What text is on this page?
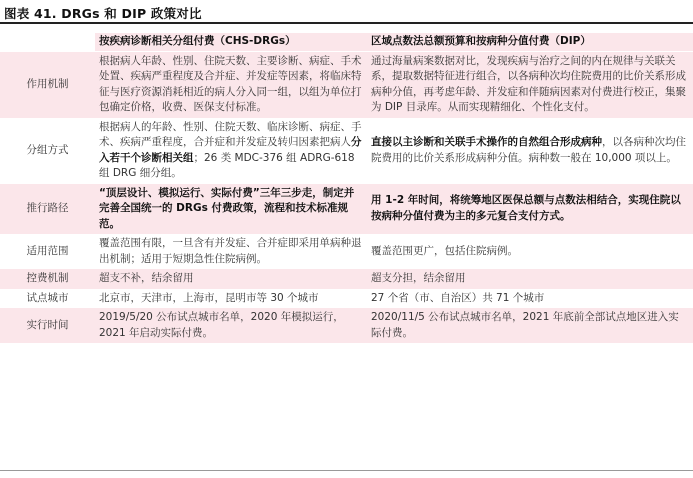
图表 41. DRGs 和 DIP 政策对比
	按疾病诊断相关分组付费（CHS-DRGs）	区域点数法总额预算和按病种分值付费（DIP）
作用机制	根据病人年龄、性别、住院天数、主要诊断、病症、手术处置、疾病严重程度及合并症、并发症等因素，将临床特征与医疗资源消耗相近的病人分入同一组，以组为单位打包确定价格，收费、医保支付标准。	通过海量病案数据对比，发现疾病与治疗之间的内在规律与关联关系，提取数据特征进行组合，以各病种次均住院费用的比价关系形成病种分值，再考虑年龄、并发症和伴随病因素对付费进行校正，集聚为 DIP 目录库。从而实现精细化、个性化支付。
分组方式	根据病人的年龄、性别、住院天数、临床诊断、病症、手术、疾病严重程度，合并症和并发症及转归因素把病人分入若干个诊断相关组；26 类 MDC-376 组 ADRG-618 组 DRG 细分组。	直接以主诊断和关联手术操作的自然组合形成病种，以各病种次均住院费用的比价关系形成病种分值。病种数一般在 10,000 项以上。
推行路径	“顶层设计、模拟运行、实际付费”三年三步走，制定并完善全国统一的 DRGs 付费政策，流程和技术标准规范。	用 1-2 年时间，将统筹地区医保总额与点数法相结合，实现住院以按病种分值付费为主的多元复合支付方式。
适用范围	覆盖范围有限，一旦含有并发症、合并症即采用单病种退出机制；适用于短期急性住院病例。	覆盖范围更广，包括住院病例。
控费机制	超支不补，结余留用	超支分担，结余留用
试点城市	北京市，天津市，上海市，昆明市等 30 个城市	27 个省（市、自治区）共 71 个城市
实行时间	2019/5/20 公布试点城市名单，2020 年模拟运行，2021 年启动实际付费。	2020/11/5 公布试点城市名单，2021 年底前全部试点地区进入实际付费。
